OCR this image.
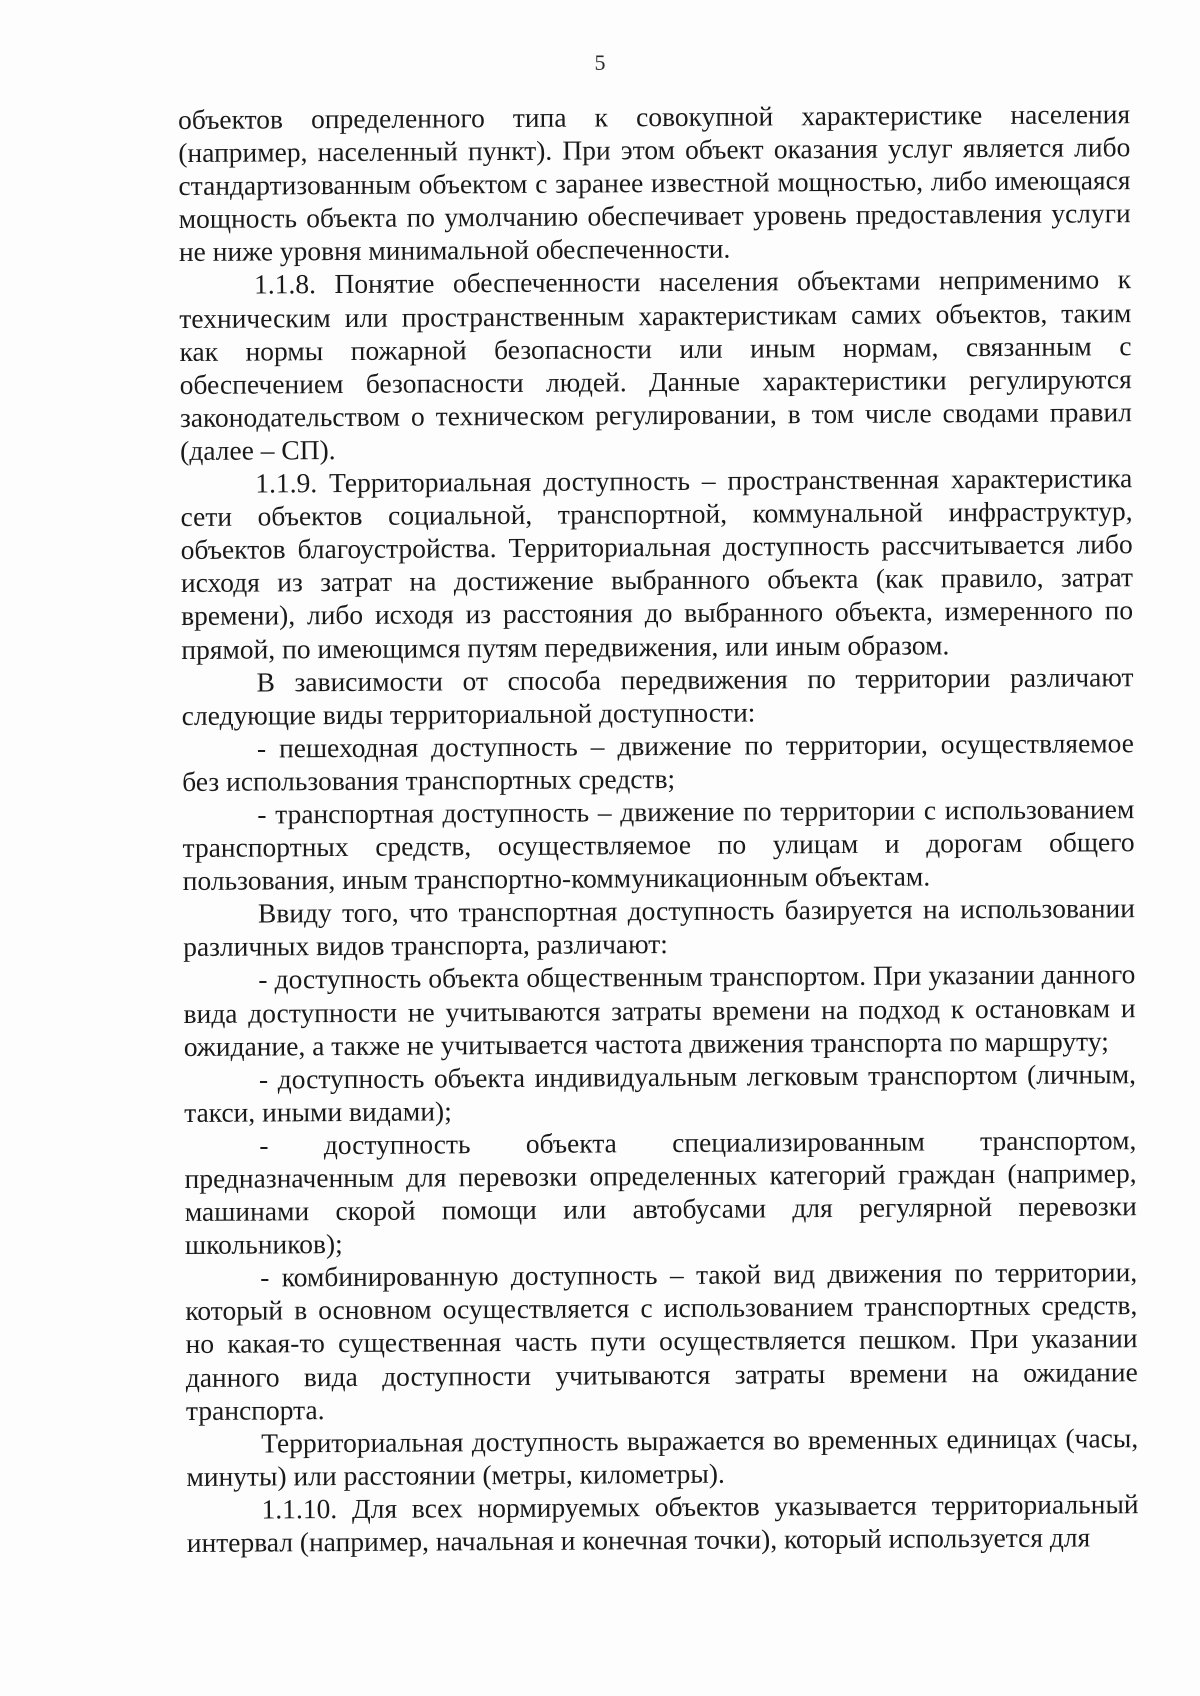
5

объектов определенного типа к совокупной характеристике населения (например, населенный пункт). При этом объект оказания услуг является либо стандартизованным объектом с заранее известной мощностью, либо имеющаяся мощность объекта по умолчанию обеспечивает уровень предоставления услуги не ниже уровня минимальной обеспеченности.

1.1.8. Понятие обеспеченности населения объектами неприменимо к техническим или пространственным характеристикам самих объектов, таким как нормы пожарной безопасности или иным нормам, связанным с обеспечением безопасности людей. Данные характеристики регулируются законодательством о техническом регулировании, в том числе сводами правил (далее – СП).

1.1.9. Территориальная доступность – пространственная характеристика сети объектов социальной, транспортной, коммунальной инфраструктур, объектов благоустройства. Территориальная доступность рассчитывается либо исходя из затрат на достижение выбранного объекта (как правило, затрат времени), либо исходя из расстояния до выбранного объекта, измеренного по прямой, по имеющимся путям передвижения, или иным образом.

В зависимости от способа передвижения по территории различают следующие виды территориальной доступности:

- пешеходная доступность – движение по территории, осуществляемое без использования транспортных средств;

- транспортная доступность – движение по территории с использованием транспортных средств, осуществляемое по улицам и дорогам общего пользования, иным транспортно-коммуникационным объектам.

Ввиду того, что транспортная доступность базируется на использовании различных видов транспорта, различают:

- доступность объекта общественным транспортом. При указании данного вида доступности не учитываются затраты времени на подход к остановкам и ожидание, а также не учитывается частота движения транспорта по маршруту;

- доступность объекта индивидуальным легковым транспортом (личным, такси, иными видами);

- доступность объекта специализированным транспортом, предназначенным для перевозки определенных категорий граждан (например, машинами скорой помощи или автобусами для регулярной перевозки школьников);

- комбинированную доступность – такой вид движения по территории, который в основном осуществляется с использованием транспортных средств, но какая-то существенная часть пути осуществляется пешком. При указании данного вида доступности учитываются затраты времени на ожидание транспорта.

Территориальная доступность выражается во временных единицах (часы, минуты) или расстоянии (метры, километры).

1.1.10. Для всех нормируемых объектов указывается территориальный интервал (например, начальная и конечная точки), который используется для
